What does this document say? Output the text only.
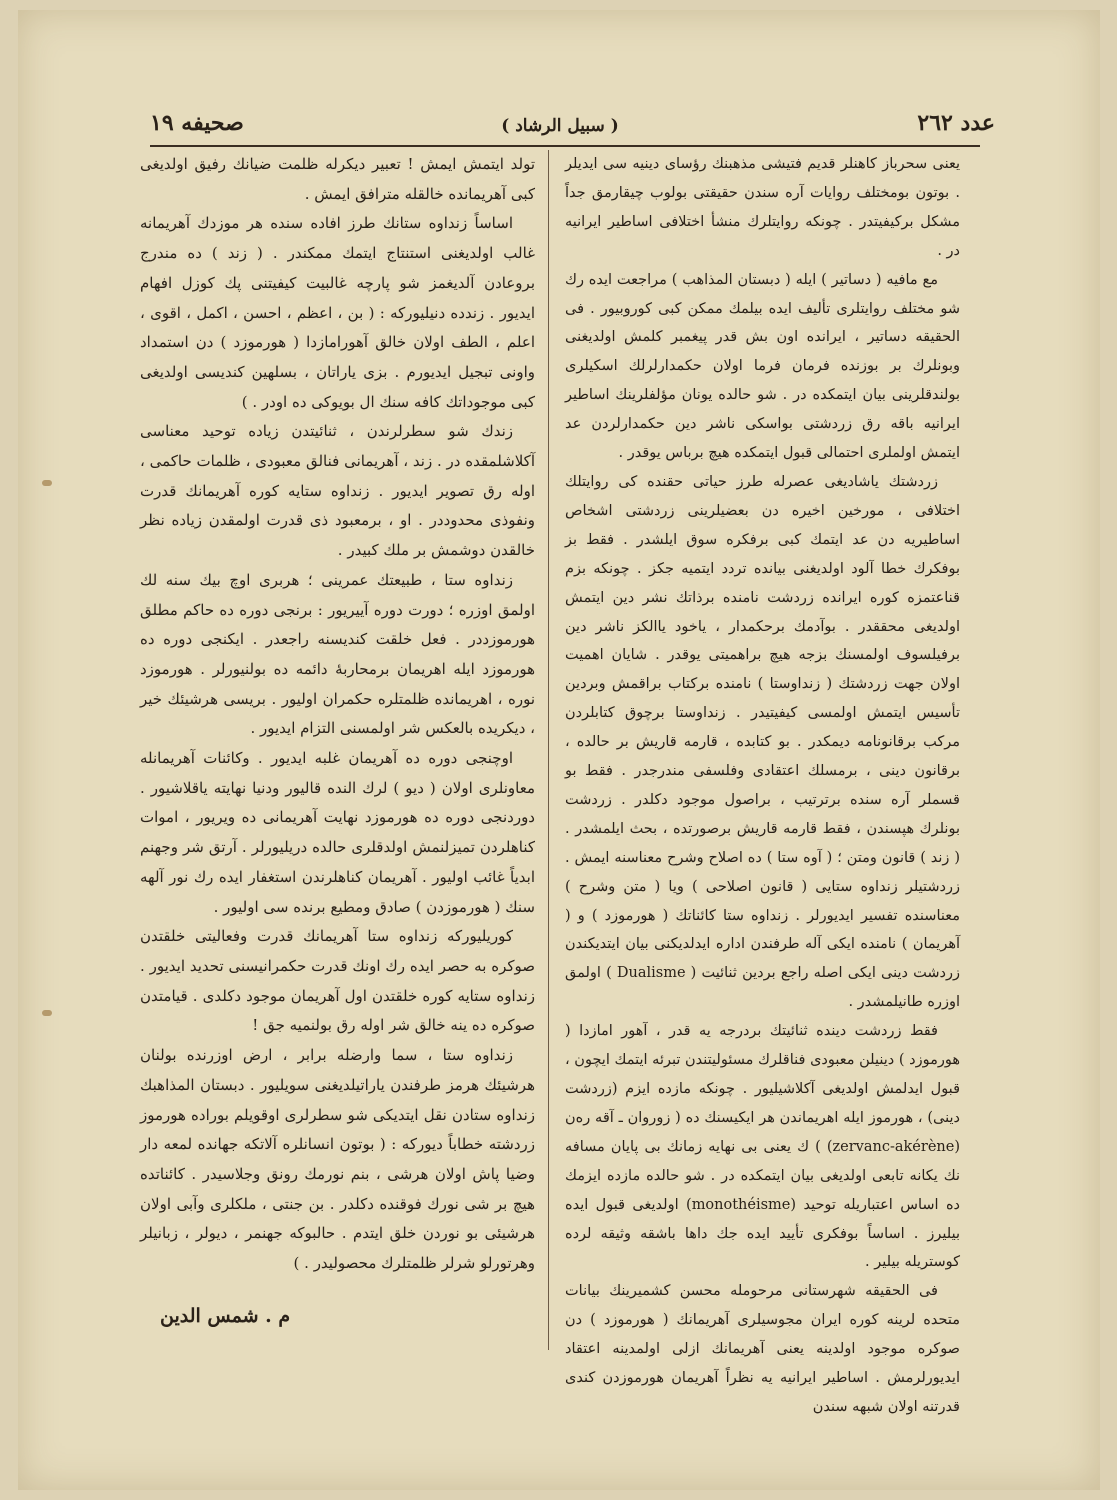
عدد ٢٦٢
( سبيل الرشاد )
صحيفه ١٩

يعنى سحرباز كاهنلر قديم فتيشى مذهبنك رؤساى دينيه سى ايديلر . بوتون بومختلف روايات آره سندن حقيقتى بولوب چيقارمق جداً مشكل بركيفيتدر . چونكه روايتلرك منشأ اختلافى اساطير ايرانيه در .

مع مافيه ( دساتير ) ايله ( دبستان المذاهب ) مراجعت ايده رك شو مختلف روايتلرى تأليف ايده بيلمك ممكن كبى كوروبيور . فى الحقيقه دساتير ، ايرانده اون بش قدر پيغمبر كلمش اولديغنى وبونلرك بر بوزنده فرمان فرما اولان حكمدارلرلك اسكيلرى بولندقلرينى بيان ايتمكده در . شو حالده يونان مؤلفلرينك اساطير ايرانيه باقه رق زردشتى بواسكى ناشر دين حكمدارلردن عد ايتمش اولملرى احتمالى قبول ايتمكده هيچ برباس يوقدر .

زردشتك ياشاديغى عصرله طرز حياتى حقنده كى روايتلك اختلافى ، مورخين اخيره دن بعضيلرينى زردشتى اشخاص اساطيريه دن عد ايتمك كبى برفكره سوق ايلشدر . فقط بز بوفكرك خطا آلود اولديغنى بيانده تردد ايتميه جكز . چونكه بزم قناعتمزه كوره ايرانده زردشت نامنده برذاتك نشر دين ايتمش اولديغى محققدر . بوآدمك برحكمدار ، ياخود ياالكز ناشر دين برفيلسوف اولمسنك بزجه هيچ براهميتى يوقدر . شايان اهميت اولان جهت زردشتك ( زنداوستا ) نامنده بركتاب براقمش وبردين تأسيس ايتمش اولمسى كيفيتيدر . زنداوستا برچوق كتابلردن مركب برقانونامه ديمكدر . بو كتابده ، قارمه قاريش بر حالده ، برقانون دينى ، برمسلك اعتقادى وفلسفى مندرجدر . فقط بو قسملر آره سنده برترتيب ، براصول موجود دكلدر . زردشت بونلرك هپسندن ، فقط قارمه قاريش برصورتده ، بحث ايلمشدر . ( زند ) قانون ومتن ؛ ( آوه ستا ) ده اصلاح وشرح معناسنه ايمش . زردشتيلر زنداوه ستايى ( قانون اصلاحى ) ويا ( متن وشرح ) معناسنده تفسير ايديورلر . زنداوه ستا كائناتك ( هورموزد ) و ( آهريمان ) نامنده ايكى آله طرفندن اداره ايدلديكنى بيان ايتديكندن زردشت دينى ايكى اصله راجع بردين ثنائيت ( Dualisme ) اولمق اوزره طانيلمشدر .

فقط زردشت دينده ثنائيتك بردرجه يه قدر ، آهور امازدا ( هورموزد ) دينيلن معبودى فناقلرك مسئوليتندن تبرئه ايتمك ايچون ، قبول ايدلمش اولديغى آكلاشيليور . چونكه مازده ايزم (زردشت دينى) ، هورموز ايله اهريماندن هر ايكيسنك ده ( زوروان ـ آقه رەن (zervanc-akérène) ) ك يعنى بى نهايه زمانك بى پايان مسافه نك يكانه تابعى اولديغى بيان ايتمكده در . شو حالده مازده ايزمك ده اساس اعتباريله توحيد (monothéisme) اولديغى قبول ايده بيليرز . اساساً بوفكرى تأييد ايده جك داها باشقه وثيقه لرده كوستريله بيلير .

فى الحقيقه شهرستانى مرحومله محسن كشميرينك بيانات متحده لرينه كوره ايران مجوسيلرى آهريمانك ( هورموزد ) دن صوكره موجود اولدينه يعنى آهريمانك ازلى اولمدينه اعتقاد ايديورلرمش . اساطير ايرانيه يه نظراً آهريمان هورموزدن كندى قدرتنه اولان شبهه سندن

تولد ايتمش ايمش ! تعبير ديكرله ظلمت ضيانك رفيق اولديغى كبى آهريمانده خالقله مترافق ايمش .

اساساً زنداوه ستانك طرز افاده سنده هر موزدك آهريمانه غالب اولديغنى استنتاج ايتمك ممكندر . ( زند ) ده مندرج بروعادن آلديغمز شو پارچه غالبيت كيفيتنى پك كوزل افهام ايديور . زندده دنيليوركه : ( بن ، اعظم ، احسن ، اكمل ، اقوى ، اعلم ، الطف اولان خالق آهورامازدا ( هورموزد ) دن استمداد واونى تبجيل ايديورم . بزى ياراتان ، بسلهين كنديسى اولديغى كبى موجوداتك كافه سنك ال بويوكى ده اودر . )

زندك شو سطرلرندن ، ثنائيتدن زياده توحيد معناسى آكلاشلمقده در . زند ، آهريمانى فنالق معبودى ، ظلمات حاكمى ، اوله رق تصوير ايديور . زنداوه ستايه كوره آهريمانك قدرت ونفوذى محدوددر . او ، برمعبود ذى قدرت اولمقدن زياده نظر خالقدن دوشمش بر ملك كبيدر .

زنداوه ستا ، طبيعتك عمرينى ؛ هربرى اوچ بيك سنه لك اولمق اوزره ؛ دورت دوره آييريور : برنجى دوره ده حاكم مطلق هورموزددر . فعل خلقت كنديسنه راجعدر . ايكنجى دوره ده هورموزد ايله اهريمان برمحاربهٔ دائمه ده بولنيورلر . هورموزد نوره ، اهريمانده ظلمتلره حكمران اوليور . بريسى هرشيئك خير ، ديكريده بالعكس شر اولمسنى التزام ايديور .

اوچنجى دوره ده آهريمان غلبه ايديور . وكائنات آهريمانله معاونلرى اولان ( ديو ) لرك النده قاليور ودنيا نهايته ياقلاشيور . دوردنجى دوره ده هورموزد نهايت آهريمانى ده ويريور ، اموات كناهلردن تميزلنمش اولدقلرى حالده دريليورلر . آرتق شر وجهنم ابدياً غائب اوليور . آهريمان كناهلرندن استغفار ايده رك نور آلهه سنك ( هورموزدن ) صادق ومطيع برنده سى اوليور .

كوريليوركه زنداوه ستا آهريمانك قدرت وفعاليتى خلقتدن صوكره به حصر ايده رك اونك قدرت حكمرانيسنى تحديد ايديور . زنداوه ستايه كوره خلقتدن اول آهريمان موجود دكلدى . قيامتدن صوكره ده ينه خالق شر اوله رق بولنميه جق !

زنداوه ستا ، سما وارضله برابر ، ارض اوزرنده بولنان هرشيئك هرمز طرفندن ياراتيلديغنى سويليور . دبستان المذاهبك زنداوه ستادن نقل ايتديكى شو سطرلرى اوقويلم بوراده هورموز زردشته خطاباً ديوركه : ( بوتون انسانلره آلاتكه جهانده لمعه دار وضيا پاش اولان هرشى ، بنم نورمك رونق وجلاسيدر . كائناتده هيچ بر شى نورك فوقنده دكلدر . بن جنتى ، ملكلرى وآبى اولان هرشيئى بو نوردن خلق ايتدم . حالبوكه جهنمر ، ديولر ، زبانيلر وهرتورلو شرلر ظلمتلرك محصوليدر . )

م . شمس الدين
